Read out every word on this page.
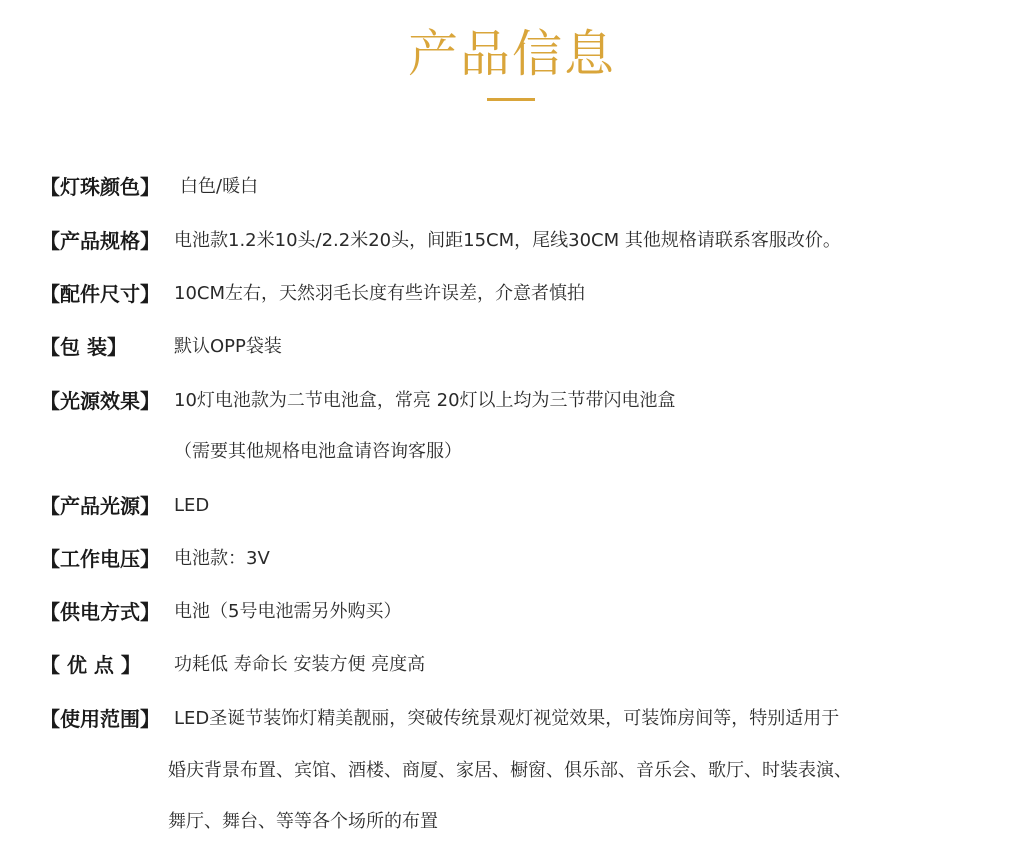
产品信息
【灯珠颜色】 白色/暖白
【产品规格】 电池款1.2米10头/2.2米20头，间距15CM，尾线30CM 其他规格请联系客服改价。
【配件尺寸】 10CM左右，天然羽毛长度有些许误差，介意者慎拍
【包 装】	默认OPP袋装
【光源效果】 10灯电池款为二节电池盒，常亮 20灯以上均为三节带闪电池盒
（需要其他规格电池盒请咨询客服）
【产品光源】 LED
【工作电压】 电池款：3V
【供电方式】 电池（5号电池需另外购买）
【 优 点 】 功耗低 寿命长 安装方便 亮度高
【使用范围】 LED圣诞节装饰灯精美靓丽，突破传统景观灯视觉效果，可装饰房间等，特别适用于
婚庆背景布置、宾馆、酒楼、商厦、家居、橱窗、俱乐部、音乐会、歌厅、时装表演、
舞厅、舞台、等等各个场所的布置
